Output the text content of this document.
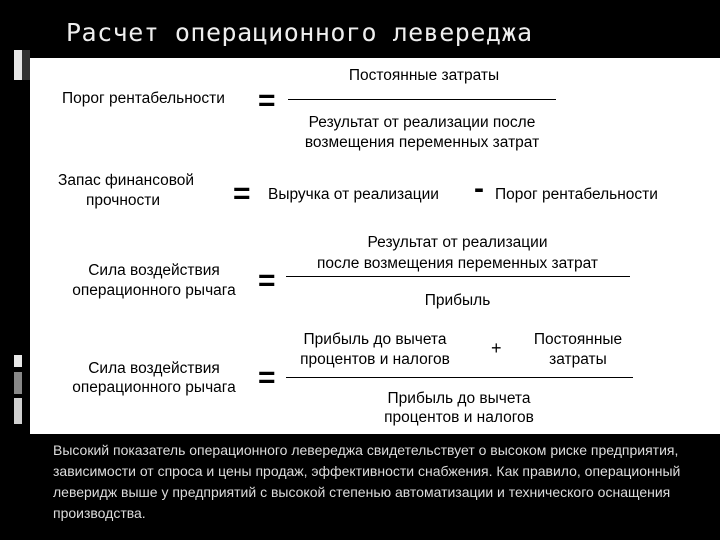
Расчет операционного левереджа
Порог рентабельности =
Постоянные затраты
Результат от реализации после
возмещения переменных затрат
Запас финансовой
прочности	= Выручка от реализации - Порог рентабельности
Сила воздействия
операционного рычага =
Результат от реализации
после возмещения переменных затрат
Прибыль
Сила воздействия
операционного рычага =
Прибыль до вычета
процентов и налогов
+	Постоянные
затраты
Прибыль до вычета
процентов и налогов

Высокий показатель операционного левереджа свидетельствует о высоком риске предприятия, зависимости от спроса и цены продаж, эффективности снабжения. Как правило, операционный леверидж выше у предприятий с высокой степенью автоматизации и технического оснащения производства.
